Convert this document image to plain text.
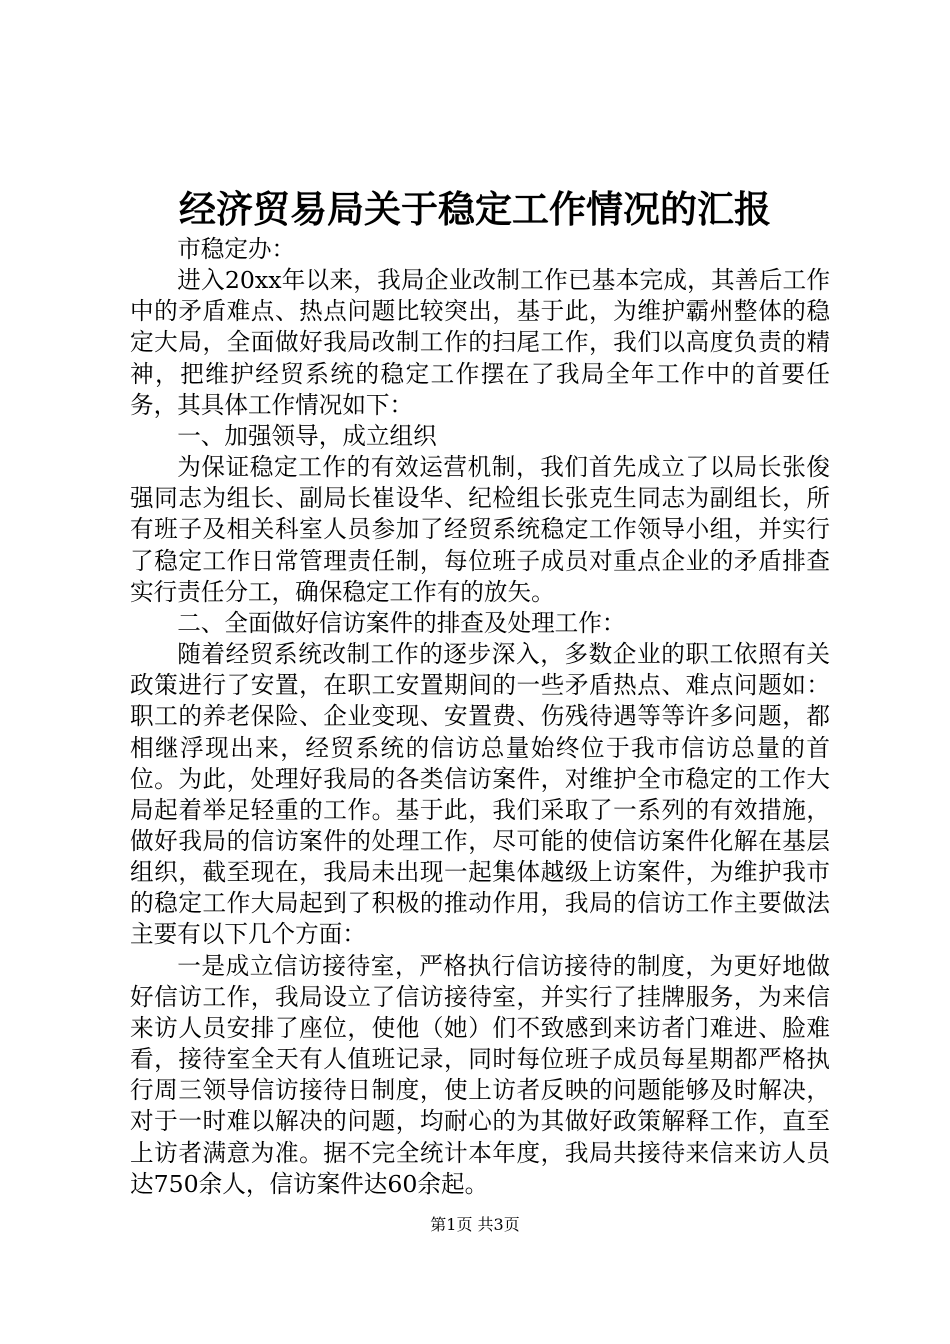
经济贸易局关于稳定工作情况的汇报

市稳定办：

进入20xx年以来，我局企业改制工作已基本完成，其善后工作中的矛盾难点、热点问题比较突出，基于此，为维护霸州整体的稳定大局，全面做好我局改制工作的扫尾工作，我们以高度负责的精神，把维护经贸系统的稳定工作摆在了我局全年工作中的首要任务，其具体工作情况如下：

一、加强领导，成立组织

为保证稳定工作的有效运营机制，我们首先成立了以局长张俊强同志为组长、副局长崔设华、纪检组长张克生同志为副组长，所有班子及相关科室人员参加了经贸系统稳定工作领导小组，并实行了稳定工作日常管理责任制，每位班子成员对重点企业的矛盾排查实行责任分工，确保稳定工作有的放矢。

二、全面做好信访案件的排查及处理工作：

随着经贸系统改制工作的逐步深入，多数企业的职工依照有关政策进行了安置，在职工安置期间的一些矛盾热点、难点问题如：职工的养老保险、企业变现、安置费、伤残待遇等等许多问题，都相继浮现出来，经贸系统的信访总量始终位于我市信访总量的首位。为此，处理好我局的各类信访案件，对维护全市稳定的工作大局起着举足轻重的工作。基于此，我们采取了一系列的有效措施，做好我局的信访案件的处理工作，尽可能的使信访案件化解在基层组织，截至现在，我局未出现一起集体越级上访案件，为维护我市的稳定工作大局起到了积极的推动作用，我局的信访工作主要做法主要有以下几个方面：

一是成立信访接待室，严格执行信访接待的制度，为更好地做好信访工作，我局设立了信访接待室，并实行了挂牌服务，为来信来访人员安排了座位，使他（她）们不致感到来访者门难进、脸难看，接待室全天有人值班记录，同时每位班子成员每星期都严格执行周三领导信访接待日制度，使上访者反映的问题能够及时解决，对于一时难以解决的问题，均耐心的为其做好政策解释工作，直至上访者满意为准。据不完全统计本年度，我局共接待来信来访人员达750余人，信访案件达60余起。

第1页 共3页
